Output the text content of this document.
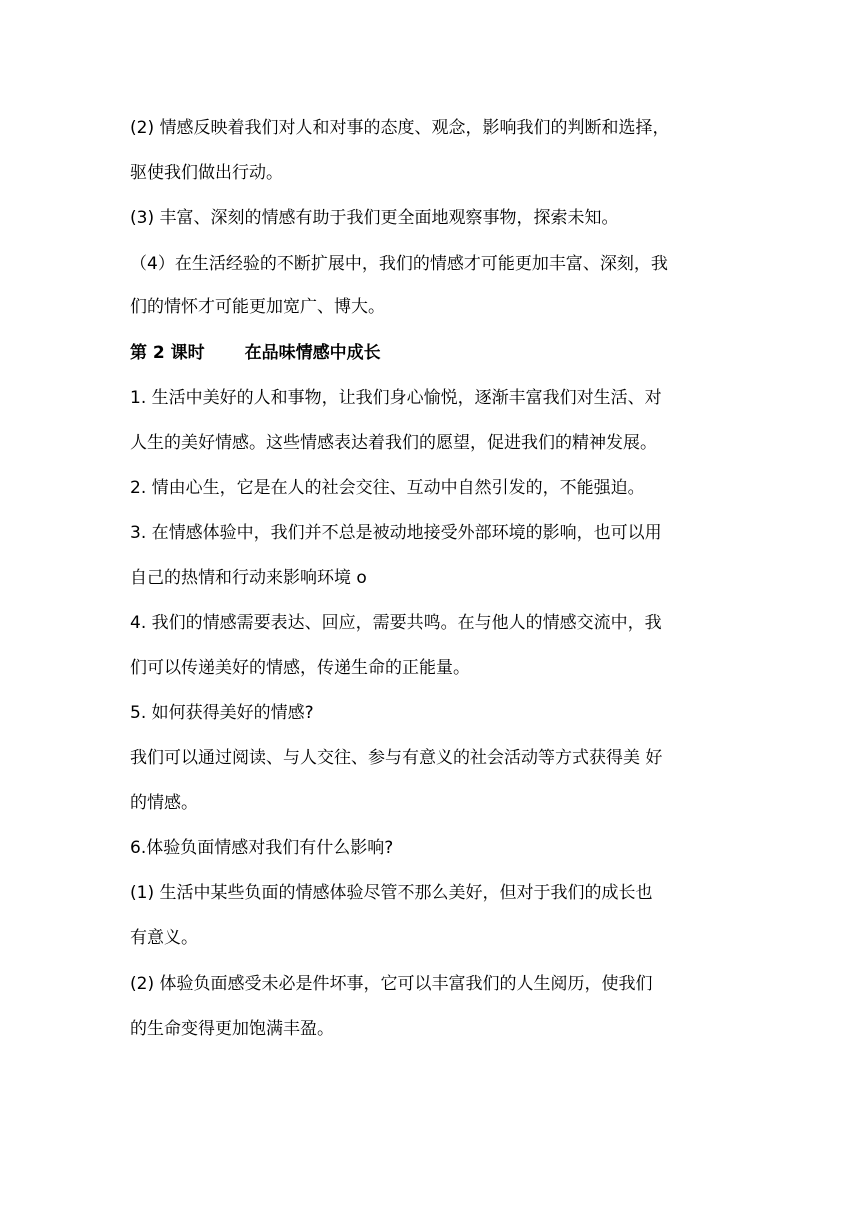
(2) 情感反映着我们对人和对事的态度、观念，影响我们的判断和选择，
驱使我们做出行动。
(3) 丰富、深刻的情感有助于我们更全面地观察事物，探索未知。
（4）在生活经验的不断扩展中，我们的情感才可能更加丰富、深刻，我
们的情怀才可能更加宽广、博大。
第 2 课时 在品味情感中成长
1. 生活中美好的人和事物，让我们身心愉悦，逐渐丰富我们对生活、对
人生的美好情感。这些情感表达着我们的愿望，促进我们的精神发展。
2. 情由心生，它是在人的社会交往、互动中自然引发的，不能强迫。
3. 在情感体验中，我们并不总是被动地接受外部环境的影响，也可以用
自己的热情和行动来影响环境 o
4. 我们的情感需要表达、回应，需要共鸣。在与他人的情感交流中，我
们可以传递美好的情感，传递生命的正能量。
5. 如何获得美好的情感?
我们可以通过阅读、与人交往、参与有意义的社会活动等方式获得美 好
的情感。
6.体验负面情感对我们有什么影响?
(1) 生活中某些负面的情感体验尽管不那么美好，但对于我们的成长也
有意义。
(2) 体验负面感受未必是件坏事，它可以丰富我们的人生阅历，使我们
的生命变得更加饱满丰盈。
